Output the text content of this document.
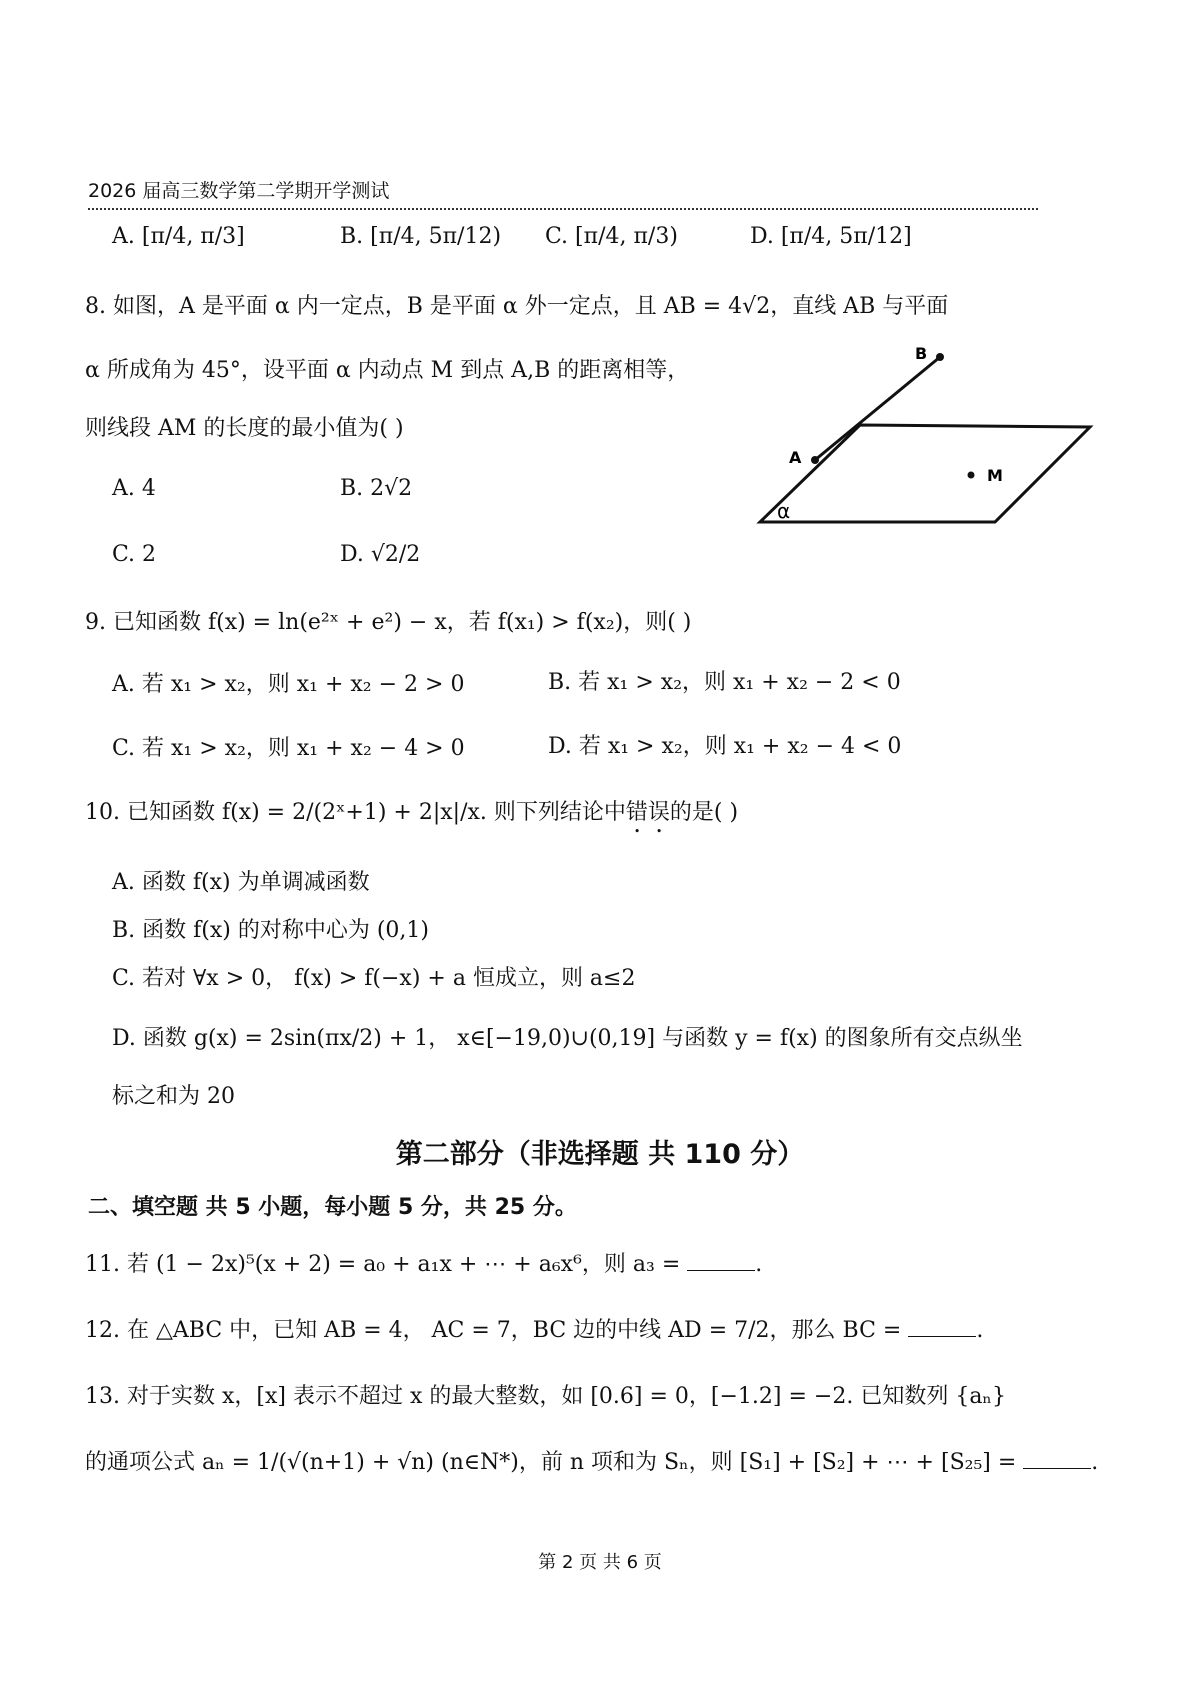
2026 届高三数学第二学期开学测试
A. [π/4, π/3]	B. [π/4, 5π/12) C. [π/4, π/3)	D. [π/4, 5π/12]
8. 如图，A 是平面 α 内一定点，B 是平面 α 外一定点，且 AB = 4√2，直线 AB 与平面
α 所成角为 45°，设平面 α 内动点 M 到点 A,B 的距离相等，
则线段 AM 的长度的最小值为( )
A. 4	B. 2√2
C. 2	D. √2/2
B
A
M
α
9. 已知函数 f(x) = ln(e²ˣ + e²) − x，若 f(x₁) > f(x₂)，则( )
A. 若 x₁ > x₂，则 x₁ + x₂ − 2 > 0	B. 若 x₁ > x₂，则 x₁ + x₂ − 2 < 0
C. 若 x₁ > x₂，则 x₁ + x₂ − 4 > 0	D. 若 x₁ > x₂，则 x₁ + x₂ − 4 < 0
10. 已知函数 f(x) = 2/(2ˣ+1) + 2|x|/x. 则下列结论中错误的是( )
A. 函数 f(x) 为单调减函数
B. 函数 f(x) 的对称中心为 (0,1)
C. 若对 ∀x > 0， f(x) > f(−x) + a 恒成立，则 a≤2
D. 函数 g(x) = 2sin(πx/2) + 1， x∈[−19,0)∪(0,19] 与函数 y = f(x) 的图象所有交点纵坐
标之和为 20
第二部分（非选择题 共 110 分）
二、填空题 共 5 小题，每小题 5 分，共 25 分。
11. 若 (1 − 2x)⁵(x + 2) = a₀ + a₁x + ⋯ + a₆x⁶，则 a₃ =	.
12. 在 △ABC 中，已知 AB = 4， AC = 7，BC 边的中线 AD = 7/2，那么 BC =	.
13. 对于实数 x，[x] 表示不超过 x 的最大整数，如 [0.6] = 0，[−1.2] = −2. 已知数列 {aₙ}
的通项公式 aₙ = 1/(√(n+1) + √n) (n∈N*)，前 n 项和为 Sₙ，则 [S₁] + [S₂] + ⋯ + [S₂₅] =	.
第 2 页 共 6 页
